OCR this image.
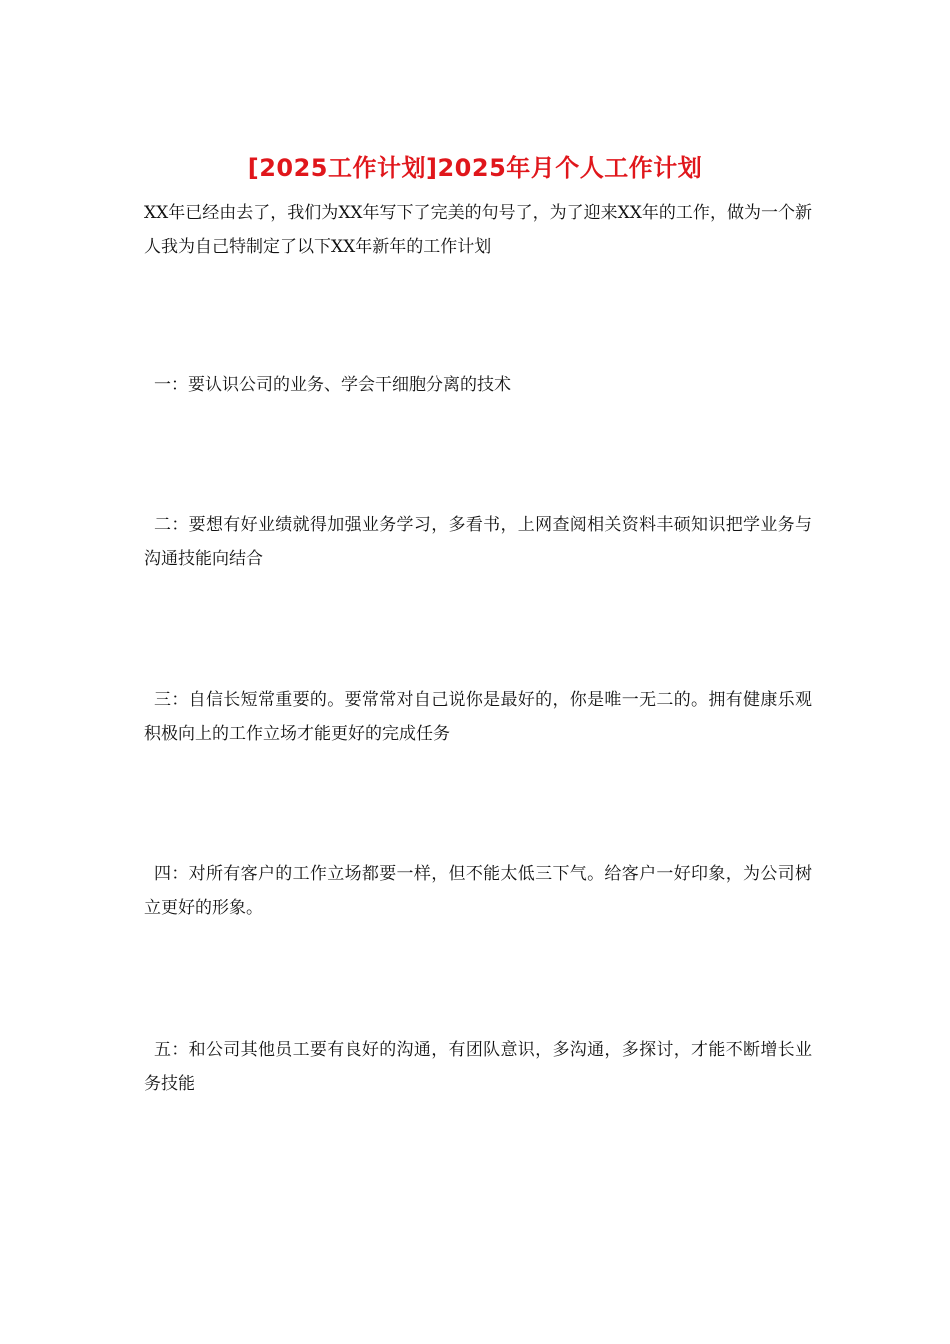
[2025工作计划]2025年月个人工作计划
XX年已经由去了，我们为XX年写下了完美的句号了，为了迎来XX年的工作，做为一个新人我为自己特制定了以下XX年新年的工作计划
一：要认识公司的业务、学会干细胞分离的技术
二：要想有好业绩就得加强业务学习，多看书，上网查阅相关资料丰硕知识把学业务与沟通技能向结合
三：自信长短常重要的。要常常对自己说你是最好的，你是唯一无二的。拥有健康乐观积极向上的工作立场才能更好的完成任务
四：对所有客户的工作立场都要一样，但不能太低三下气。给客户一好印象，为公司树立更好的形象。
五：和公司其他员工要有良好的沟通，有团队意识，多沟通，多探讨，才能不断增长业务技能
